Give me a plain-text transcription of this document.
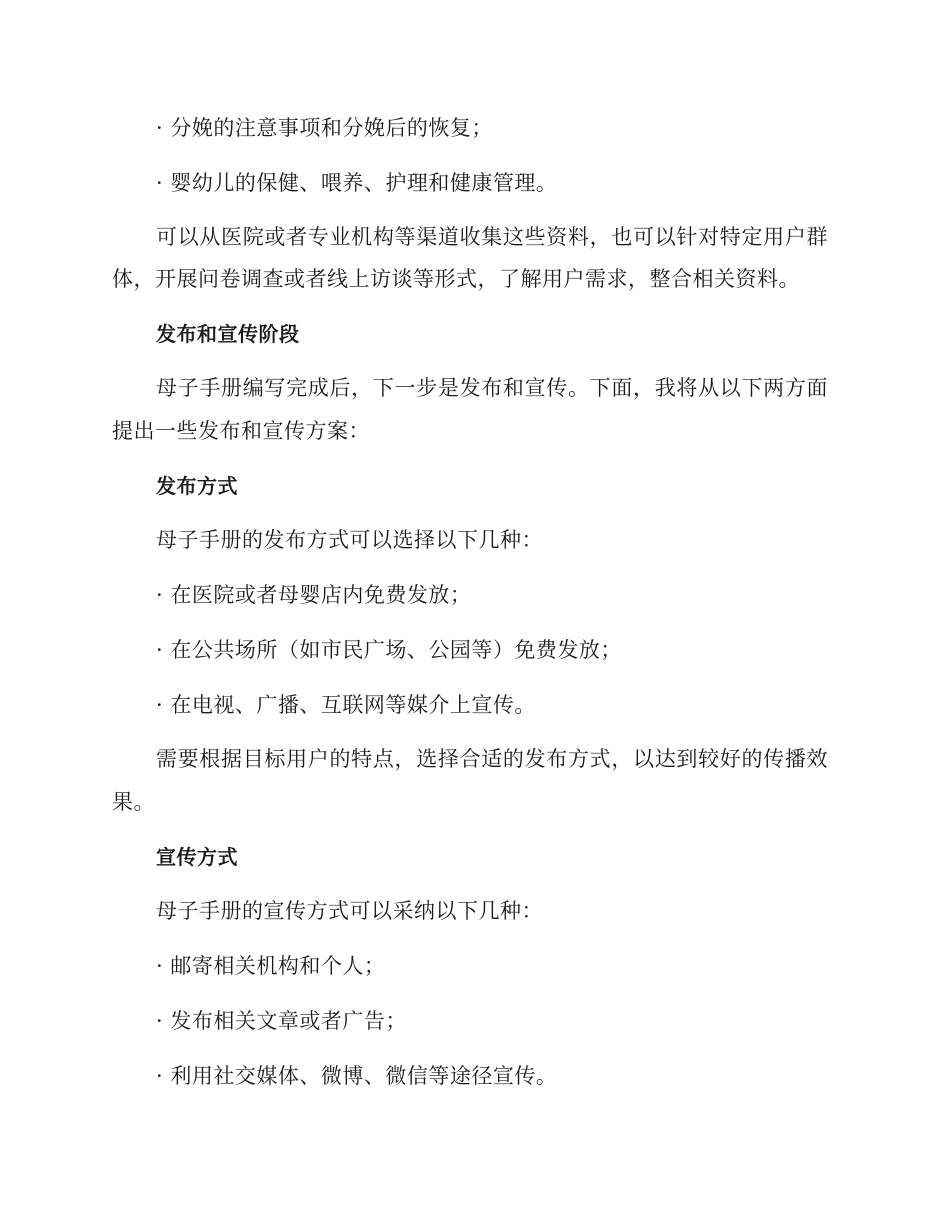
· 分娩的注意事项和分娩后的恢复；
· 婴幼儿的保健、喂养、护理和健康管理。
可以从医院或者专业机构等渠道收集这些资料，也可以针对特定用户群
体，开展问卷调查或者线上访谈等形式，了解用户需求，整合相关资料。
发布和宣传阶段
母子手册编写完成后，下一步是发布和宣传。下面，我将从以下两方面
提出一些发布和宣传方案：
发布方式
母子手册的发布方式可以选择以下几种：
· 在医院或者母婴店内免费发放；
· 在公共场所（如市民广场、公园等）免费发放；
· 在电视、广播、互联网等媒介上宣传。
需要根据目标用户的特点，选择合适的发布方式，以达到较好的传播效
果。
宣传方式
母子手册的宣传方式可以采纳以下几种：
· 邮寄相关机构和个人；
· 发布相关文章或者广告；
· 利用社交媒体、微博、微信等途径宣传。
